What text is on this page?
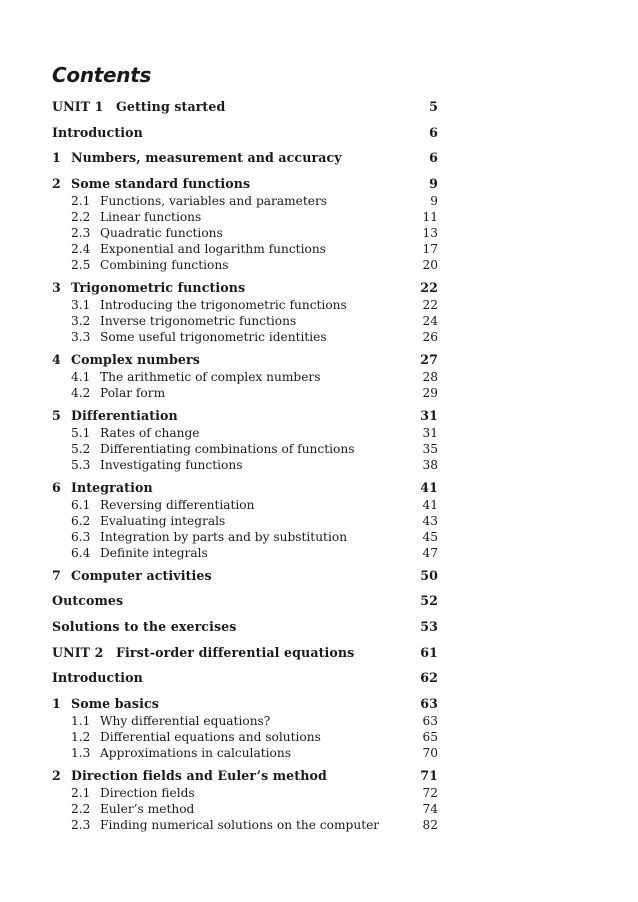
Contents
UNIT 1 Getting started	5
Introduction	6
1 Numbers, measurement and accuracy	6
2 Some standard functions	9
2.1 Functions, variables and parameters	9
2.2 Linear functions	11
2.3 Quadratic functions	13
2.4 Exponential and logarithm functions	17
2.5 Combining functions	20
3 Trigonometric functions	22
3.1 Introducing the trigonometric functions	22
3.2 Inverse trigonometric functions	24
3.3 Some useful trigonometric identities	26
4 Complex numbers	27
4.1 The arithmetic of complex numbers	28
4.2 Polar form	29
5 Differentiation	31
5.1 Rates of change	31
5.2 Differentiating combinations of functions	35
5.3 Investigating functions	38
6 Integration	41
6.1 Reversing differentiation	41
6.2 Evaluating integrals	43
6.3 Integration by parts and by substitution	45
6.4 Definite integrals	47
7 Computer activities	50
Outcomes	52
Solutions to the exercises	53
UNIT 2 First-order differential equations	61
Introduction	62
1 Some basics	63
1.1 Why differential equations?	63
1.2 Differential equations and solutions	65
1.3 Approximations in calculations	70
2 Direction fields and Euler’s method	71
2.1 Direction fields	72
2.2 Euler’s method	74
2.3 Finding numerical solutions on the computer	82
